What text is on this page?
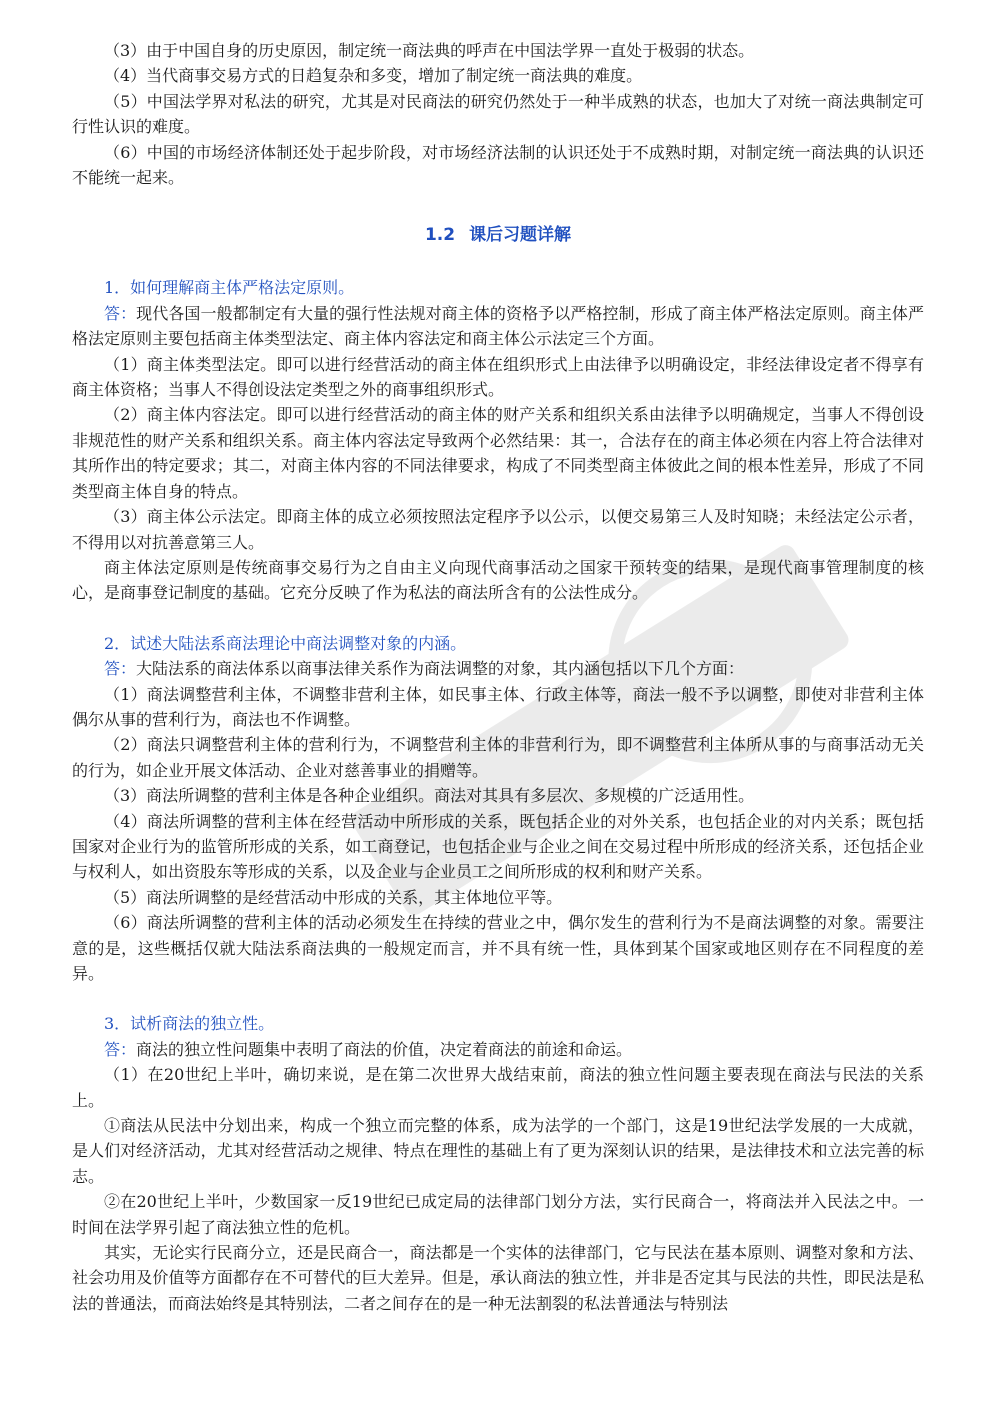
（3）由于中国自身的历史原因，制定统一商法典的呼声在中国法学界一直处于极弱的状态。

（4）当代商事交易方式的日趋复杂和多变，增加了制定统一商法典的难度。

（5）中国法学界对私法的研究，尤其是对民商法的研究仍然处于一种半成熟的状态，也加大了对统一商法典制定可行性认识的难度。

（6）中国的市场经济体制还处于起步阶段，对市场经济法制的认识还处于不成熟时期，对制定统一商法典的认识还不能统一起来。

1.2 课后习题详解

1．如何理解商主体严格法定原则。

答：现代各国一般都制定有大量的强行性法规对商主体的资格予以严格控制，形成了商主体严格法定原则。商主体严格法定原则主要包括商主体类型法定、商主体内容法定和商主体公示法定三个方面。

（1）商主体类型法定。即可以进行经营活动的商主体在组织形式上由法律予以明确设定，非经法律设定者不得享有商主体资格；当事人不得创设法定类型之外的商事组织形式。

（2）商主体内容法定。即可以进行经营活动的商主体的财产关系和组织关系由法律予以明确规定，当事人不得创设非规范性的财产关系和组织关系。商主体内容法定导致两个必然结果：其一，合法存在的商主体必须在内容上符合法律对其所作出的特定要求；其二，对商主体内容的不同法律要求，构成了不同类型商主体彼此之间的根本性差异，形成了不同类型商主体自身的特点。

（3）商主体公示法定。即商主体的成立必须按照法定程序予以公示，以便交易第三人及时知晓；未经法定公示者，不得用以对抗善意第三人。

商主体法定原则是传统商事交易行为之自由主义向现代商事活动之国家干预转变的结果，是现代商事管理制度的核心，是商事登记制度的基础。它充分反映了作为私法的商法所含有的公法性成分。

2．试述大陆法系商法理论中商法调整对象的内涵。

答：大陆法系的商法体系以商事法律关系作为商法调整的对象，其内涵包括以下几个方面：

（1）商法调整营利主体，不调整非营利主体，如民事主体、行政主体等，商法一般不予以调整，即使对非营利主体偶尔从事的营利行为，商法也不作调整。

（2）商法只调整营利主体的营利行为，不调整营利主体的非营利行为，即不调整营利主体所从事的与商事活动无关的行为，如企业开展文体活动、企业对慈善事业的捐赠等。

（3）商法所调整的营利主体是各种企业组织。商法对其具有多层次、多规模的广泛适用性。

（4）商法所调整的营利主体在经营活动中所形成的关系，既包括企业的对外关系，也包括企业的对内关系；既包括国家对企业行为的监管所形成的关系，如工商登记，也包括企业与企业之间在交易过程中所形成的经济关系，还包括企业与权利人，如出资股东等形成的关系，以及企业与企业员工之间所形成的权利和财产关系。

（5）商法所调整的是经营活动中形成的关系，其主体地位平等。

（6）商法所调整的营利主体的活动必须发生在持续的营业之中，偶尔发生的营利行为不是商法调整的对象。需要注意的是，这些概括仅就大陆法系商法典的一般规定而言，并不具有统一性，具体到某个国家或地区则存在不同程度的差异。

3．试析商法的独立性。

答：商法的独立性问题集中表明了商法的价值，决定着商法的前途和命运。

（1）在20世纪上半叶，确切来说，是在第二次世界大战结束前，商法的独立性问题主要表现在商法与民法的关系上。

①商法从民法中分划出来，构成一个独立而完整的体系，成为法学的一个部门，这是19世纪法学发展的一大成就，是人们对经济活动，尤其对经营活动之规律、特点在理性的基础上有了更为深刻认识的结果，是法律技术和立法完善的标志。

②在20世纪上半叶，少数国家一反19世纪已成定局的法律部门划分方法，实行民商合一，将商法并入民法之中。一时间在法学界引起了商法独立性的危机。

其实，无论实行民商分立，还是民商合一，商法都是一个实体的法律部门，它与民法在基本原则、调整对象和方法、社会功用及价值等方面都存在不可替代的巨大差异。但是，承认商法的独立性，并非是否定其与民法的共性，即民法是私法的普通法，而商法始终是其特别法，二者之间存在的是一种无法割裂的私法普通法与特别法
